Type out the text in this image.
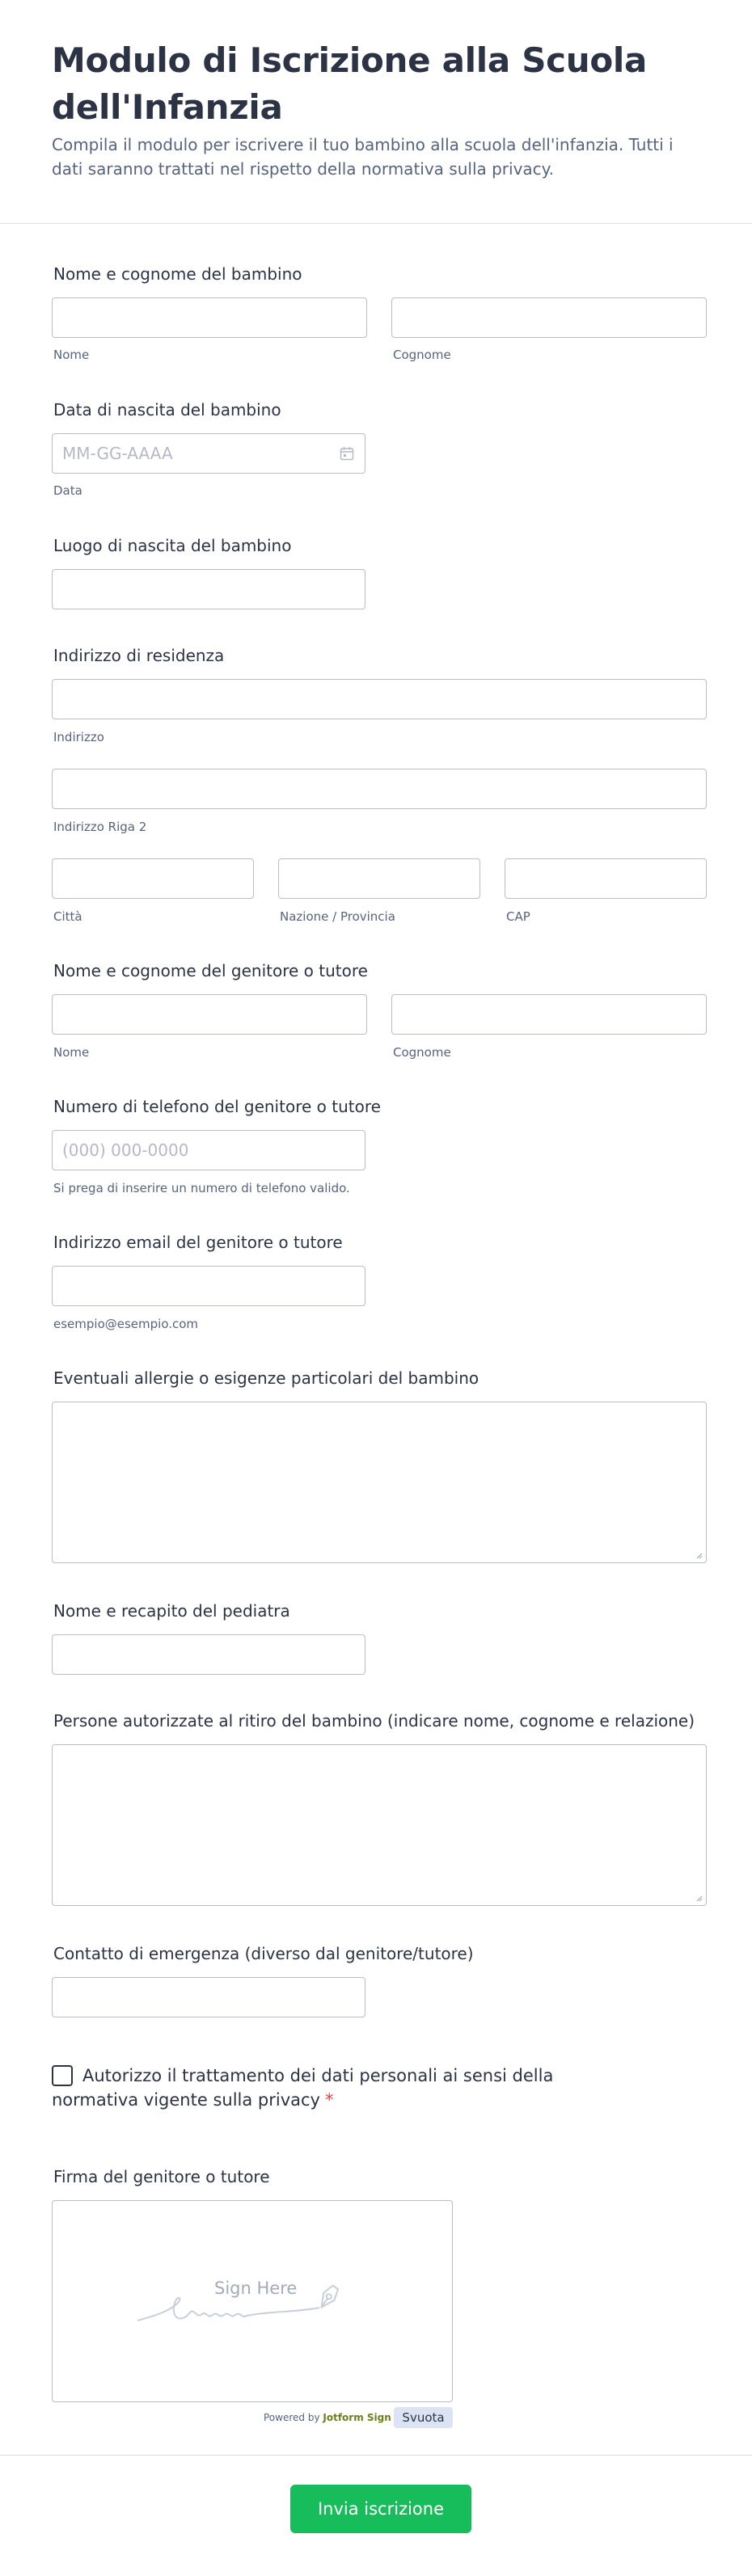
Modulo di Iscrizione alla Scuola dell'Infanzia

Compila il modulo per iscrivere il tuo bambino alla scuola dell'infanzia. Tutti i dati saranno trattati nel rispetto della normativa sulla privacy.

Nome e cognome del bambino
Nome	Cognome
Data di nascita del bambino
MM-GG-AAAA
Data
Luogo di nascita del bambino
Indirizzo di residenza
Indirizzo
Indirizzo Riga 2
Città	Nazione / Provincia	CAP
Nome e cognome del genitore o tutore
Nome	Cognome
Numero di telefono del genitore o tutore
(000) 000-0000
Si prega di inserire un numero di telefono valido.
Indirizzo email del genitore o tutore
esempio@esempio.com
Eventuali allergie o esigenze particolari del bambino
Nome e recapito del pediatra
Persone autorizzate al ritiro del bambino (indicare nome, cognome e relazione)
Contatto di emergenza (diverso dal genitore/tutore)
Autorizzo il trattamento dei dati personali ai sensi della normativa vigente sulla privacy *
Firma del genitore o tutore
Sign Here
Powered by Jotform Sign Svuota
Invia iscrizione
